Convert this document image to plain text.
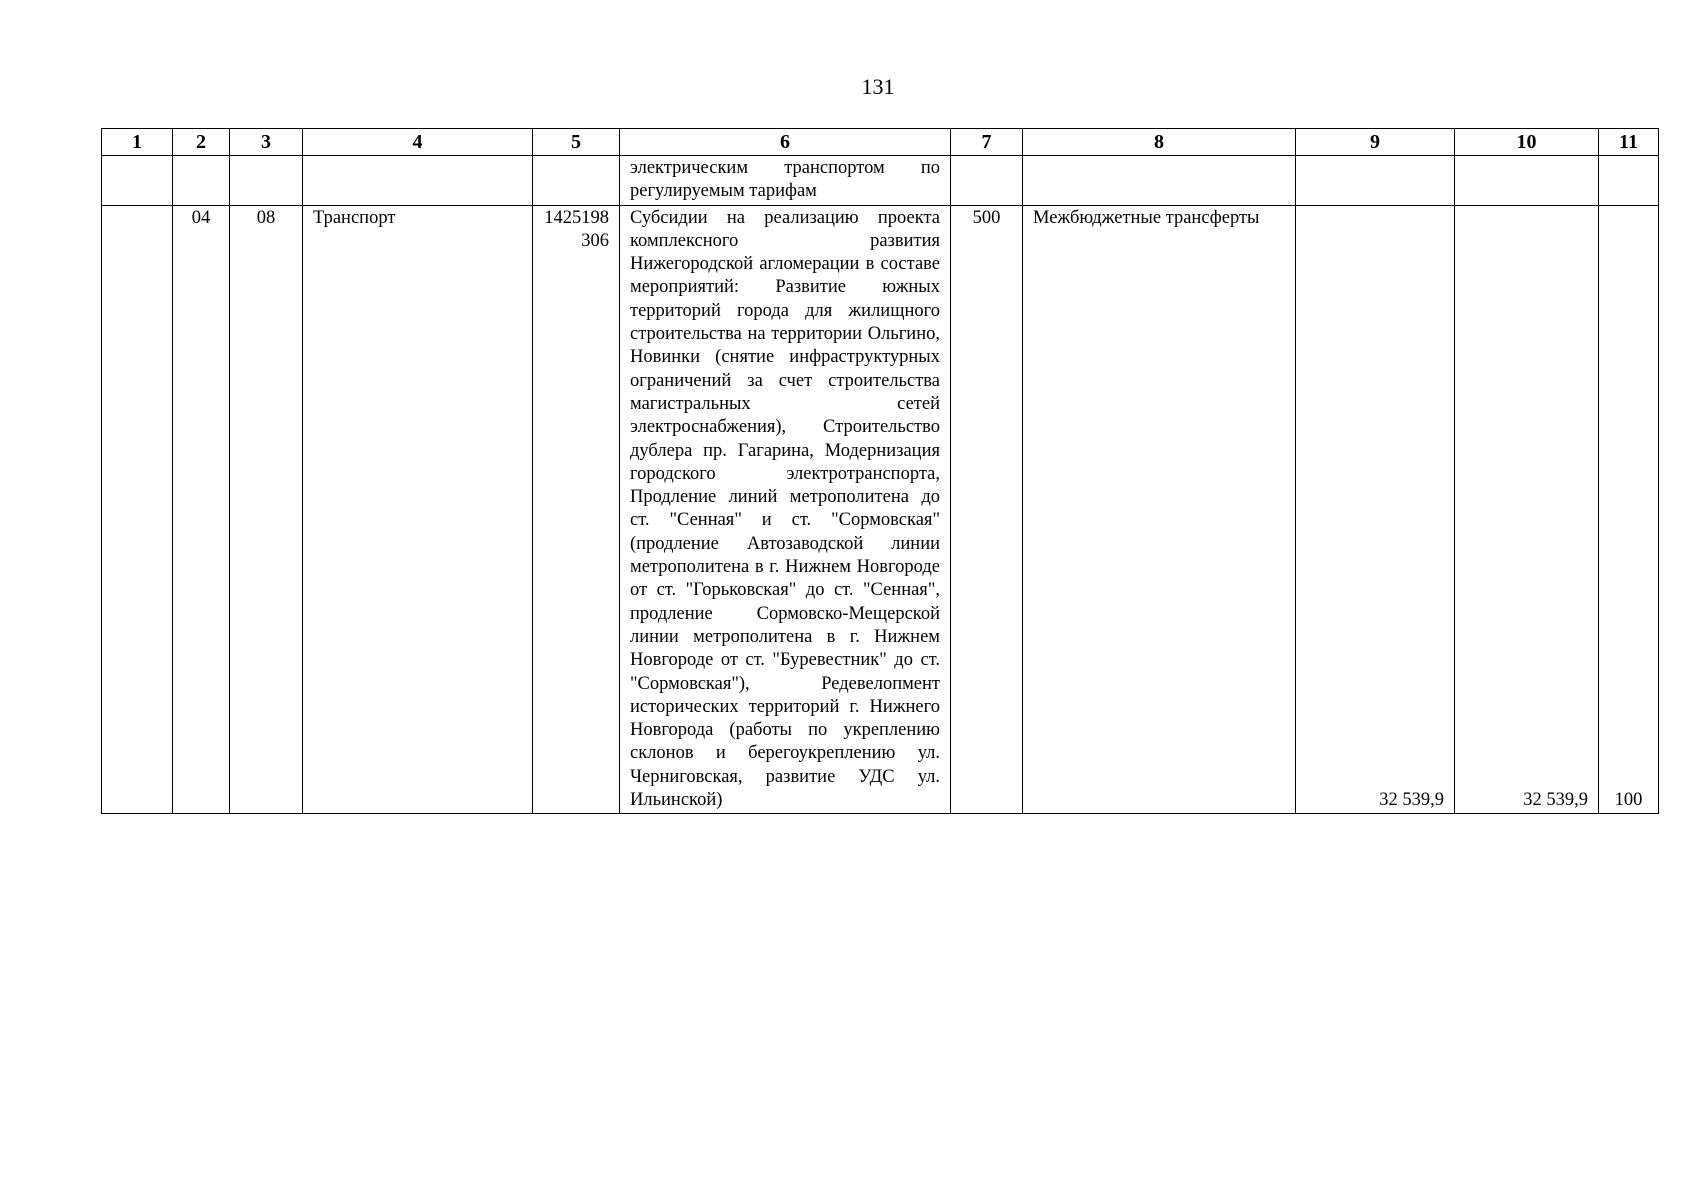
131
1	2	3	4	5	6	7	8	9	10	11
					электрическим транспортом по регулируемым тарифам					
	04	08	Транспорт	1425198306	Субсидии на реализацию проекта комплексного развития Нижегородской агломерации в составе мероприятий: Развитие южных территорий города для жилищного строительства на территории Ольгино, Новинки (снятие инфраструктурных ограничений за счет строительства магистральных сетей электроснабжения), Строительство дублера пр. Гагарина, Модернизация городского электротранспорта, Продление линий метрополитена до ст. "Сенная" и ст. "Сормовская" (продление Автозаводской линии метрополитена в г. Нижнем Новгороде от ст. "Горьковская" до ст. "Сенная", продление Сормовско-Мещерской линии метрополитена в г. Нижнем Новгороде от ст. "Буревестник" до ст. "Сормовская"), Редевелопмент исторических территорий г. Нижнего Новгорода (работы по укреплению склонов и берегоукреплению ул. Черниговская, развитие УДС ул. Ильинской)	500	Межбюджетные трансферты	32 539,9	32 539,9	100
